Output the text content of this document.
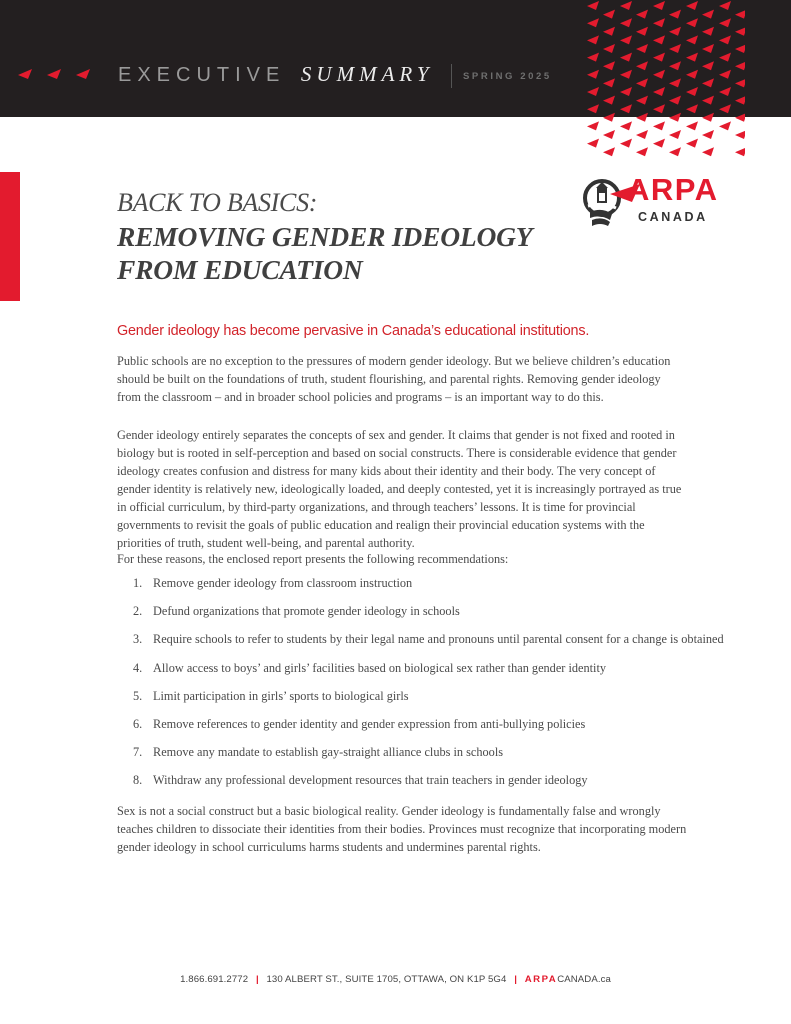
EXECUTIVE SUMMARY	SPRING 2025
ARPA
CANADA
BACK TO BASICS:
REMOVING GENDER IDEOLOGY
FROM EDUCATION
Gender ideology has become pervasive in Canada’s educational institutions.

Public schools are no exception to the pressures of modern gender ideology. But we believe children’s education should be built on the foundations of truth, student flourishing, and parental rights. Removing gender ideology from the classroom – and in broader school policies and programs – is an important way to do this.

Gender ideology entirely separates the concepts of sex and gender. It claims that gender is not fixed and rooted in biology but is rooted in self-perception and based on social constructs. There is considerable evidence that gender ideology creates confusion and distress for many kids about their identity and their body. The very concept of gender identity is relatively new, ideologically loaded, and deeply contested, yet it is increasingly portrayed as true in official curriculum, by third-party organizations, and through teachers’ lessons. It is time for provincial governments to revisit the goals of public education and realign their provincial education systems with the priorities of truth, student well-being, and parental authority.

For these reasons, the enclosed report presents the following recommendations:

1. Remove gender ideology from classroom instruction
2. Defund organizations that promote gender ideology in schools
3. Require schools to refer to students by their legal name and pronouns until parental consent for a change is obtained
4. Allow access to boys’ and girls’ facilities based on biological sex rather than gender identity
5. Limit participation in girls’ sports to biological girls
6. Remove references to gender identity and gender expression from anti-bullying policies
7. Remove any mandate to establish gay-straight alliance clubs in schools
8. Withdraw any professional development resources that train teachers in gender ideology

Sex is not a social construct but a basic biological reality. Gender ideology is fundamentally false and wrongly teaches children to dissociate their identities from their bodies. Provinces must recognize that incorporating modern gender ideology in school curriculums harms students and undermines parental rights.

1.866.691.2772 | 130 ALBERT ST., SUITE 1705, OTTAWA, ON K1P 5G4 | ARPACANADA.ca
